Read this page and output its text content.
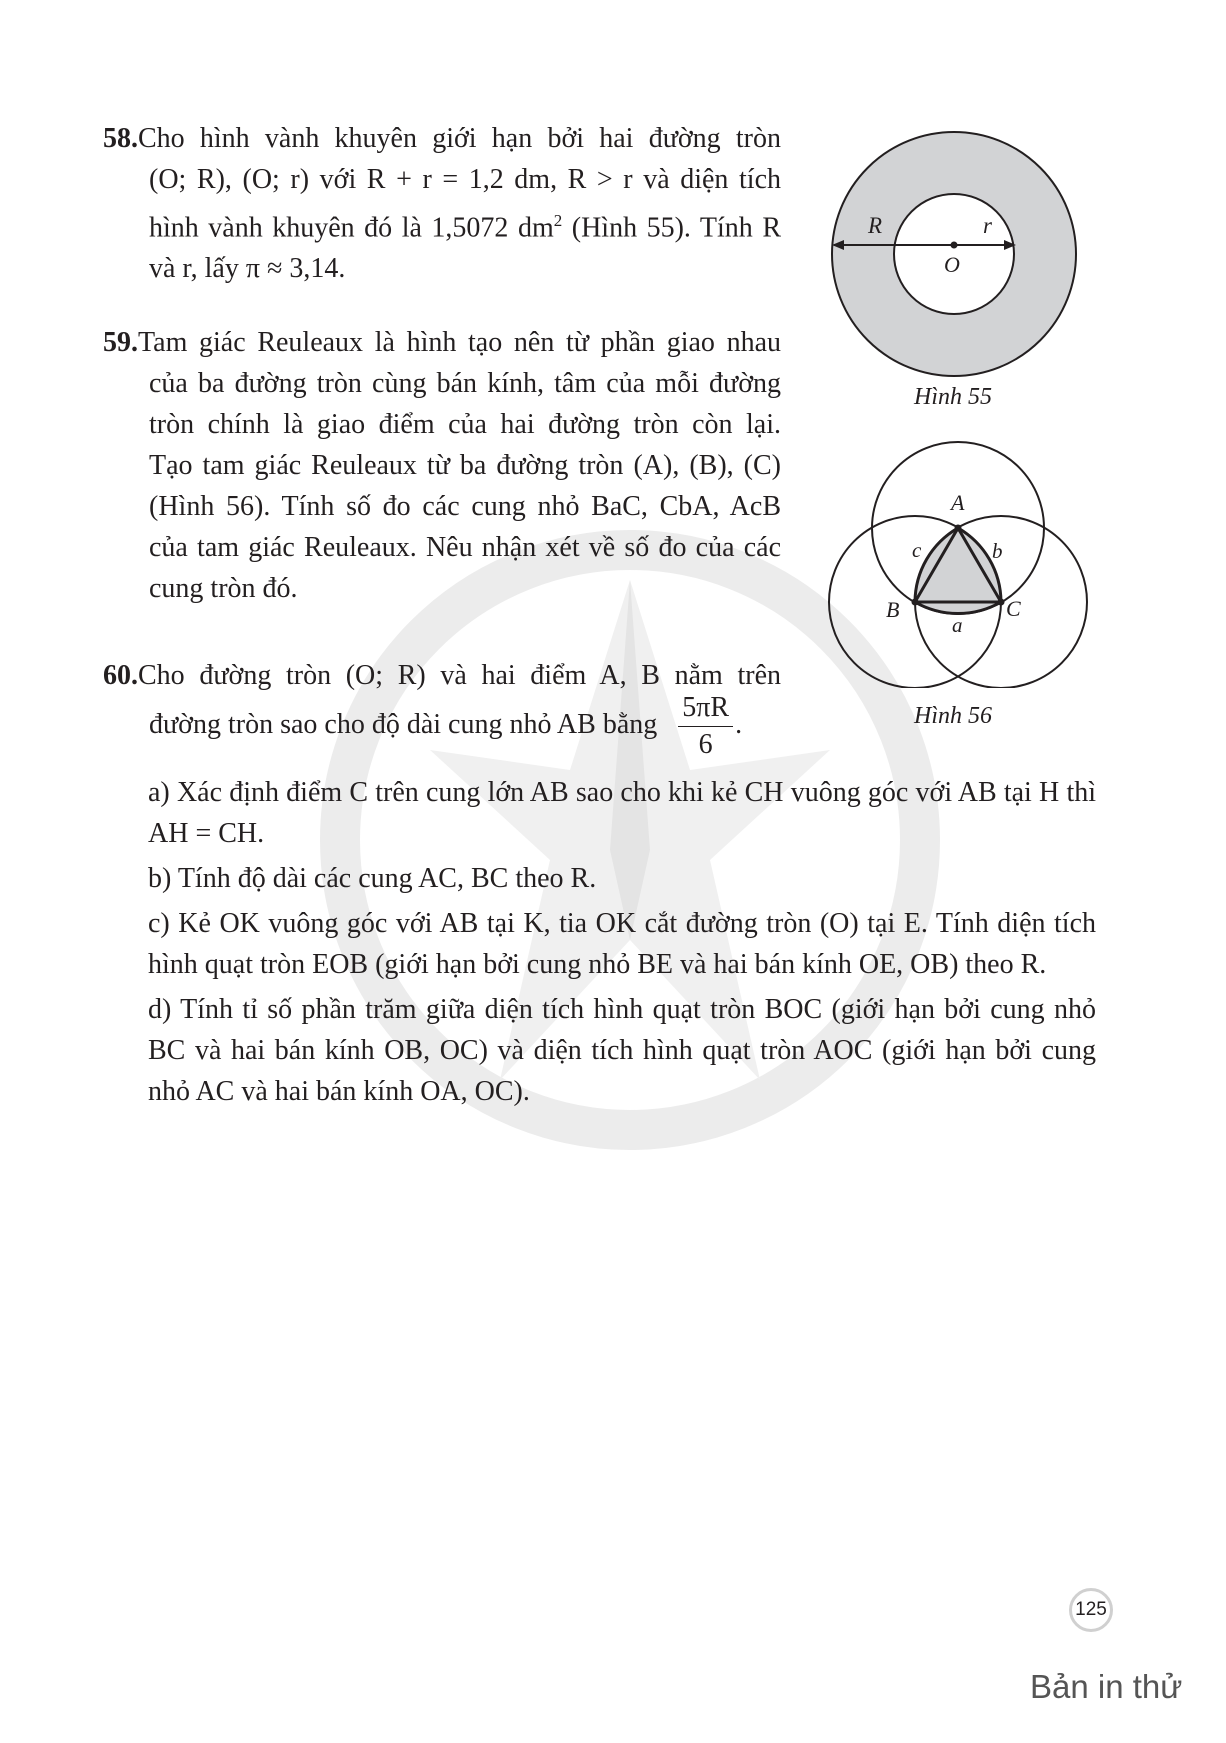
58.Cho hình vành khuyên giới hạn bởi hai đường tròn
(O; R), (O; r) với R + r = 1,2 dm, R > r và diện tích
hình vành khuyên đó là 1,5072 $dm^2$ (Hình 55). Tính R
và r, lấy π ≈ 3,14.
59.Tam giác Reuleaux là hình tạo nên từ phần giao nhau
của ba đường tròn cùng bán kính, tâm của mỗi đường
tròn chính là giao điểm của hai đường tròn còn lại.
Tạo tam giác Reuleaux từ ba đường tròn (A), (B), (C)
(Hình 56). Tính số đo các cung nhỏ BaC, CbA, AcB
của tam giác Reuleaux. Nêu nhận xét về số đo của các
cung tròn đó.
60.Cho đường tròn (O; R) và hai điểm A, B nằm trên
đường tròn sao cho độ dài cung nhỏ AB bằng $\frac{5\pi R}{6}$ .
a) Xác định điểm C trên cung lớn AB sao cho khi kẻ CH vuông góc với AB tại H thì AH = CH.
b) Tính độ dài các cung AC, BC theo R.
c) Kẻ OK vuông góc với AB tại K, tia OK cắt đường tròn (O) tại E. Tính diện tích hình quạt tròn EOB (giới hạn bởi cung nhỏ BE và hai bán kính OE, OB) theo R.
d) Tính tỉ số phần trăm giữa diện tích hình quạt tròn BOC (giới hạn bởi cung nhỏ BC và hai bán kính OB, OC) và diện tích hình quạt tròn AOC (giới hạn bởi cung nhỏ AC và hai bán kính OA, OC).
R	r
O
Hình 55
A
B	C
a
b
c
Hình 56
125
Bản in thử
